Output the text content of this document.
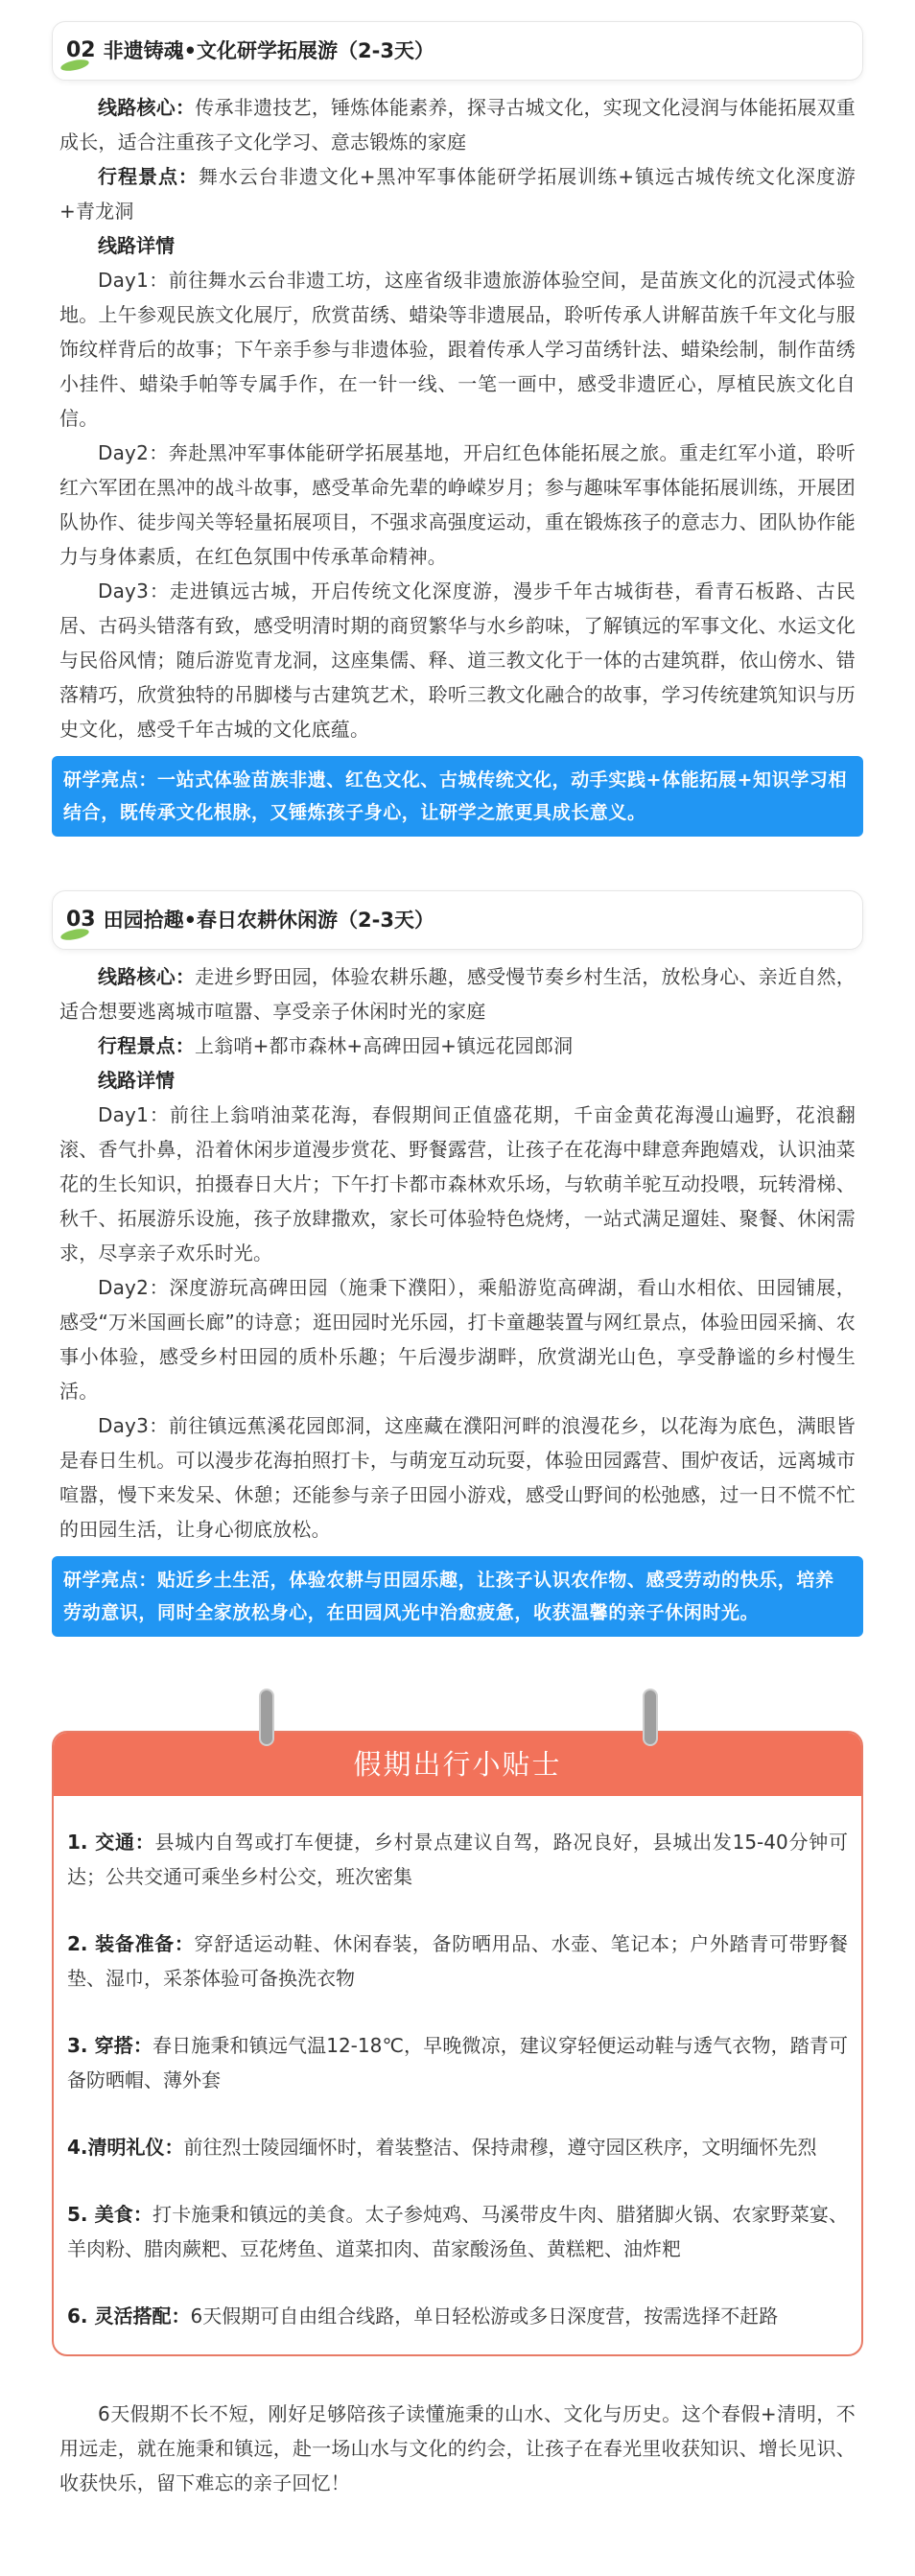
02 非遗铸魂•文化研学拓展游（2-3天）

线路核心：传承非遗技艺，锤炼体能素养，探寻古城文化，实现文化浸润与体能拓展双重成长，适合注重孩子文化学习、意志锻炼的家庭

行程景点：舞水云台非遗文化+黑冲军事体能研学拓展训练+镇远古城传统文化深度游+青龙洞

线路详情

Day1：前往舞水云台非遗工坊，这座省级非遗旅游体验空间，是苗族文化的沉浸式体验地。上午参观民族文化展厅，欣赏苗绣、蜡染等非遗展品，聆听传承人讲解苗族千年文化与服饰纹样背后的故事；下午亲手参与非遗体验，跟着传承人学习苗绣针法、蜡染绘制，制作苗绣小挂件、蜡染手帕等专属手作，在一针一线、一笔一画中，感受非遗匠心，厚植民族文化自信。

Day2：奔赴黑冲军事体能研学拓展基地，开启红色体能拓展之旅。重走红军小道，聆听红六军团在黑冲的战斗故事，感受革命先辈的峥嵘岁月；参与趣味军事体能拓展训练，开展团队协作、徒步闯关等轻量拓展项目，不强求高强度运动，重在锻炼孩子的意志力、团队协作能力与身体素质，在红色氛围中传承革命精神。

Day3：走进镇远古城，开启传统文化深度游，漫步千年古城街巷，看青石板路、古民居、古码头错落有致，感受明清时期的商贸繁华与水乡韵味，了解镇远的军事文化、水运文化与民俗风情；随后游览青龙洞，这座集儒、释、道三教文化于一体的古建筑群，依山傍水、错落精巧，欣赏独特的吊脚楼与古建筑艺术，聆听三教文化融合的故事，学习传统建筑知识与历史文化，感受千年古城的文化底蕴。

研学亮点：一站式体验苗族非遗、红色文化、古城传统文化，动手实践+体能拓展+知识学习相结合，既传承文化根脉，又锤炼孩子身心，让研学之旅更具成长意义。
03 田园拾趣•春日农耕休闲游（2-3天）

线路核心：走进乡野田园，体验农耕乐趣，感受慢节奏乡村生活，放松身心、亲近自然，适合想要逃离城市喧嚣、享受亲子休闲时光的家庭

行程景点：上翁哨+都市森林+高碑田园+镇远花园郎洞

线路详情

Day1：前往上翁哨油菜花海，春假期间正值盛花期，千亩金黄花海漫山遍野，花浪翻滚、香气扑鼻，沿着休闲步道漫步赏花、野餐露营，让孩子在花海中肆意奔跑嬉戏，认识油菜花的生长知识，拍摄春日大片；下午打卡都市森林欢乐场，与软萌羊驼互动投喂，玩转滑梯、秋千、拓展游乐设施，孩子放肆撒欢，家长可体验特色烧烤，一站式满足遛娃、聚餐、休闲需求，尽享亲子欢乐时光。

Day2：深度游玩高碑田园（施秉下濮阳），乘船游览高碑湖，看山水相依、田园铺展，感受“万米国画长廊”的诗意；逛田园时光乐园，打卡童趣装置与网红景点，体验田园采摘、农事小体验，感受乡村田园的质朴乐趣；午后漫步湖畔，欣赏湖光山色，享受静谧的乡村慢生活。

Day3：前往镇远蕉溪花园郎洞，这座藏在濮阳河畔的浪漫花乡，以花海为底色，满眼皆是春日生机。可以漫步花海拍照打卡，与萌宠互动玩耍，体验田园露营、围炉夜话，远离城市喧嚣，慢下来发呆、休憩；还能参与亲子田园小游戏，感受山野间的松弛感，过一日不慌不忙的田园生活，让身心彻底放松。

研学亮点：贴近乡土生活，体验农耕与田园乐趣，让孩子认识农作物、感受劳动的快乐，培养劳动意识，同时全家放松身心，在田园风光中治愈疲惫，收获温馨的亲子休闲时光。
假期出行小贴士

1. 交通：县城内自驾或打车便捷，乡村景点建议自驾，路况良好，县城出发15-40分钟可达；公共交通可乘坐乡村公交，班次密集

2. 装备准备：穿舒适运动鞋、休闲春装，备防晒用品、水壶、笔记本；户外踏青可带野餐垫、湿巾，采茶体验可备换洗衣物

3. 穿搭：春日施秉和镇远气温12-18℃，早晚微凉，建议穿轻便运动鞋与透气衣物，踏青可备防晒帽、薄外套

4.清明礼仪：前往烈士陵园缅怀时，着装整洁、保持肃穆，遵守园区秩序，文明缅怀先烈

5. 美食：打卡施秉和镇远的美食。太子参炖鸡、马溪带皮牛肉、腊猪脚火锅、农家野菜宴、羊肉粉、腊肉蕨粑、豆花烤鱼、道菜扣肉、苗家酸汤鱼、黄糕粑、油炸粑

6. 灵活搭配：6天假期可自由组合线路，单日轻松游或多日深度营，按需选择不赶路

6天假期不长不短，刚好足够陪孩子读懂施秉的山水、文化与历史。这个春假+清明，不用远走，就在施秉和镇远，赴一场山水与文化的约会，让孩子在春光里收获知识、增长见识、收获快乐，留下难忘的亲子回忆！
